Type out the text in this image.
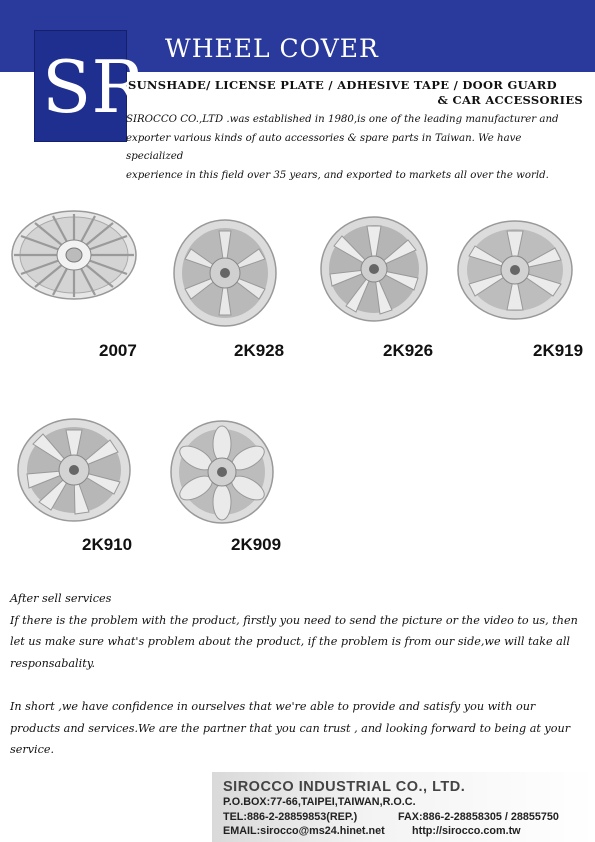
WHEEL COVER
SR
SUNSHADE/ LICENSE PLATE / ADHESIVE TAPE / DOOR GUARD
& CAR ACCESSORIES
SIROCCO CO.,LTD .was established in 1980,is one of the leading manufacturer and
exporter various kinds of auto accessories & spare parts in Taiwan. We have specialized
experience in this field over 35 years, and exported to markets all over the world.
2007	2K928	2K926	2K919
2K910	2K909

After sell services

If there is the problem with the product, firstly you need to send the picture or the video to us, then

let us make sure what's problem about the product, if the problem is from our side,we will take all

responsabality.

In short ,we have confidence in ourselves that we're able to provide and satisfy you with our

products and services.We are the partner that you can trust , and looking forward to being at your

service.

SIROCCO INDUSTRIAL CO., LTD.
P.O.BOX:77-66,TAIPEI,TAIWAN,R.O.C.
TEL:886-2-28859853(REP.)	FAX:886-2-28858305 / 28855750
EMAIL:sirocco@ms24.hinet.net	http://sirocco.com.tw
